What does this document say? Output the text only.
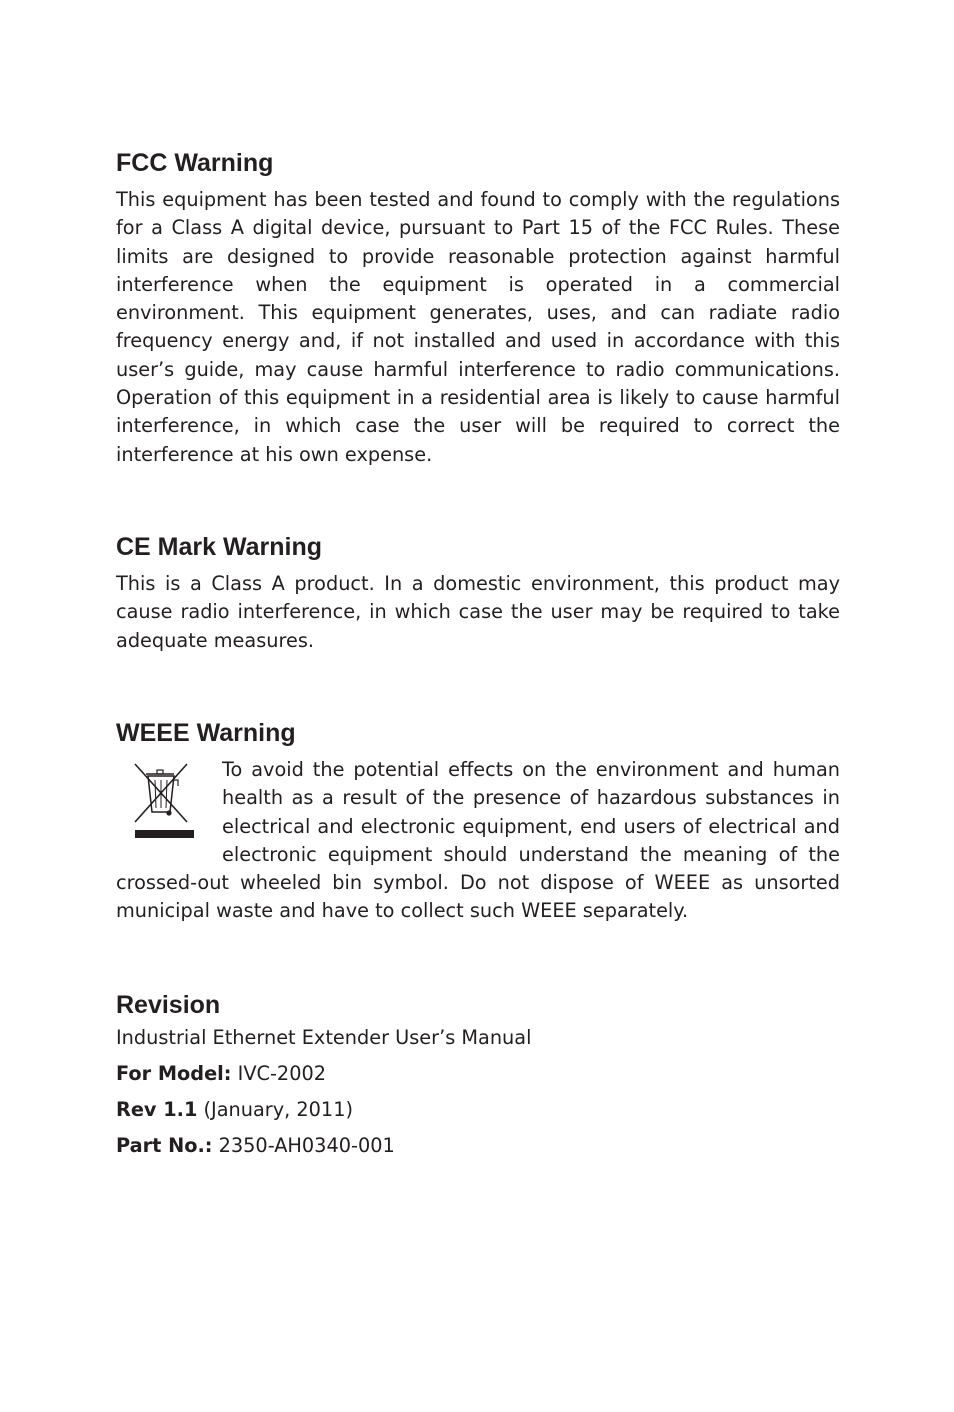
FCC Warning

This equipment has been tested and found to comply with the regulations for a Class A digital device, pursuant to Part 15 of the FCC Rules. These limits are designed to provide reasonable protection against harmful interference when the equipment is operated in a commercial environment. This equipment generates, uses, and can radiate radio frequency energy and, if not installed and used in accordance with this user’s guide, may cause harmful interference to radio communications. Operation of this equipment in a residential area is likely to cause harmful interference, in which case the user will be required to correct the interference at his own expense.

CE Mark Warning

This is a Class A product. In a domestic environment, this product may cause radio interference, in which case the user may be required to take adequate measures.

WEEE Warning

To avoid the potential effects on the environment and human health as a result of the presence of hazardous substances in electrical and electronic equipment, end users of electrical and electronic equipment should understand the meaning of the crossed-out wheeled bin symbol. Do not dispose of WEEE as unsorted municipal waste and have to collect such WEEE separately.

Revision

Industrial Ethernet Extender User’s Manual

For Model: IVC-2002

Rev 1.1 (January, 2011)

Part No.: 2350-AH0340-001
